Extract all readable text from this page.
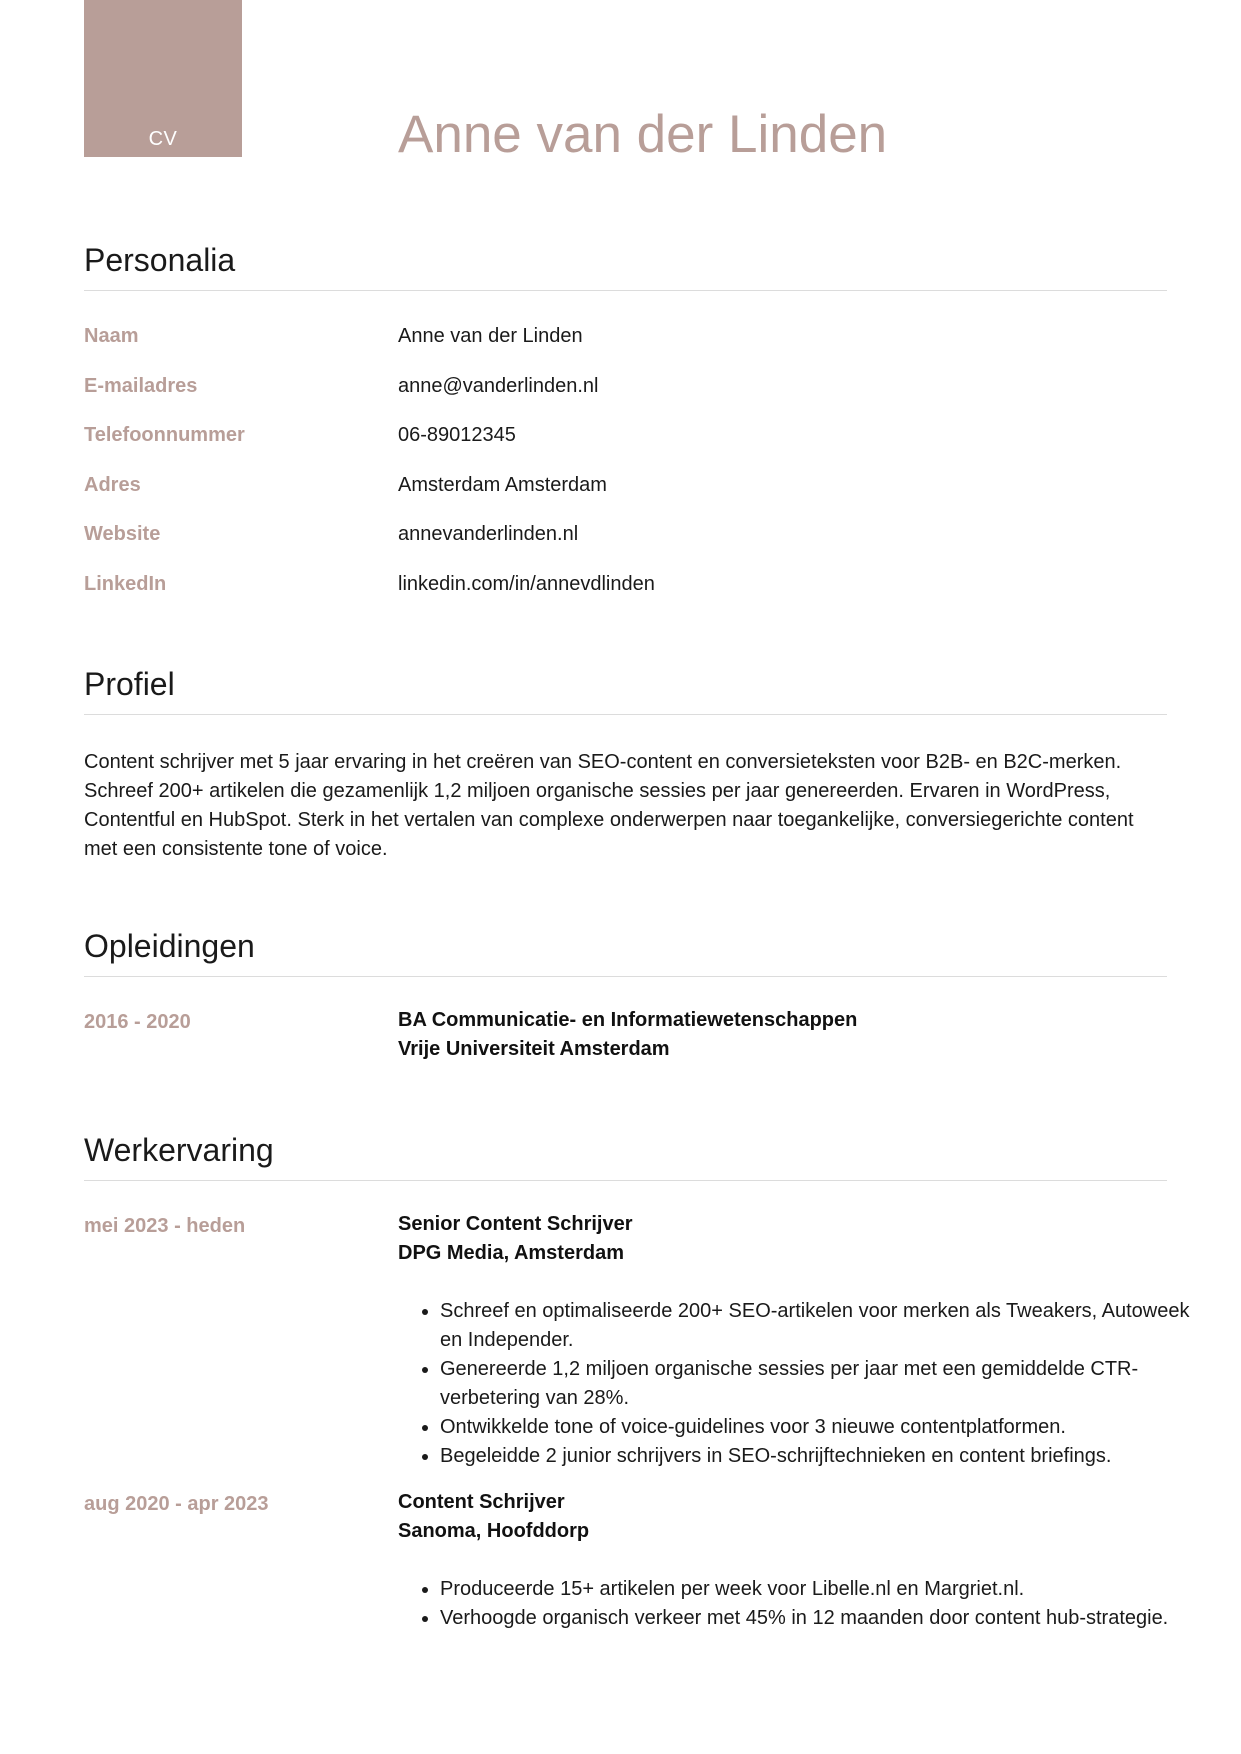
CV	Anne van der Linden
Personalia
Naam	Anne van der Linden
E-mailadres	anne@vanderlinden.nl
Telefoonnummer	06-89012345
Adres	Amsterdam Amsterdam
Website	annevanderlinden.nl
LinkedIn	linkedin.com/in/annevdlinden
Profiel

Content schrijver met 5 jaar ervaring in het creëren van SEO-content en conversieteksten voor B2B- en B2C-merken. Schreef 200+ artikelen die gezamenlijk 1,2 miljoen organische sessies per jaar genereerden. Ervaren in WordPress, Contentful en HubSpot. Sterk in het vertalen van complexe onderwerpen naar toegankelijke, conversiegerichte content met een consistente tone of voice.

Opleidingen
2016 - 2020	BA Communicatie- en Informatiewetenschappen
Vrije Universiteit Amsterdam
Werkervaring
mei 2023 - heden	Senior Content Schrijver
DPG Media, Amsterdam
• Schreef en optimaliseerde 200+ SEO-artikelen voor merken als Tweakers, Autoweek en Independer.
• Genereerde 1,2 miljoen organische sessies per jaar met een gemiddelde CTR-verbetering van 28%.
• Ontwikkelde tone of voice-guidelines voor 3 nieuwe contentplatformen.
• Begeleidde 2 junior schrijvers in SEO-schrijftechnieken en content briefings.
aug 2020 - apr 2023	Content Schrijver
Sanoma, Hoofddorp
• Produceerde 15+ artikelen per week voor Libelle.nl en Margriet.nl.
• Verhoogde organisch verkeer met 45% in 12 maanden door content hub-strategie.
